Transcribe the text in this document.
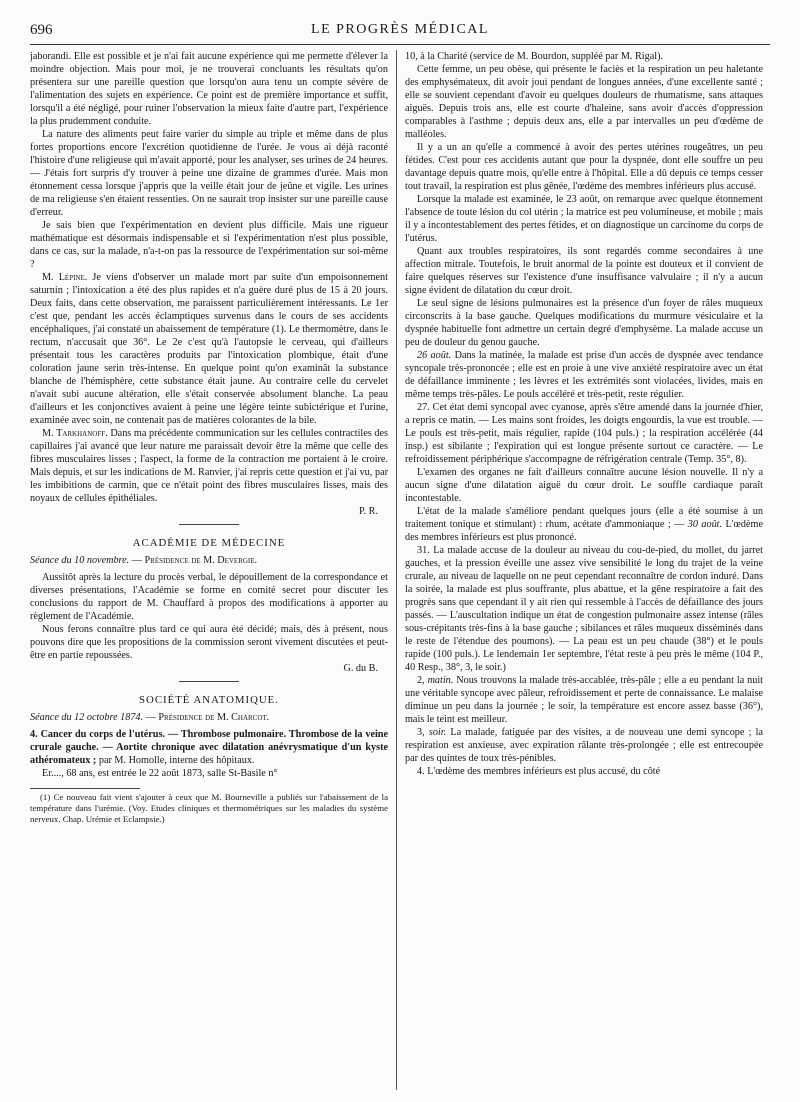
696	LE PROGRÈS MÉDICAL

jaborandi. Elle est possible et je n'ai fait aucune expérience qui me permette d'élever la moindre objection. Mais pour moi, je ne trouverai concluants les résultats qu'on présentera sur une pareille question que lorsqu'on aura tenu un compte sévère de l'alimentation des sujets en expérience. Ce point est de première importance et suffit, lorsqu'il a été négligé, pour ruiner l'observation la mieux faite d'autre part, l'expérience la plus prudemment conduite.

La nature des aliments peut faire varier du simple au triple et même dans de plus fortes proportions encore l'excrétion quotidienne de l'urée. Je vous ai déjà raconté l'histoire d'une religieuse qui m'avait apporté, pour les analyser, ses urines de 24 heures. — J'étais fort surpris d'y trouver à peine une dizaine de grammes d'urée. Mais mon étonnement cessa lorsque j'appris que la veille était jour de jeûne et vigile. Les urines de ma religieuse s'en étaient ressenties. On ne saurait trop insister sur une pareille cause d'erreur.

Je sais bien que l'expérimentation en devient plus difficile. Mais une rigueur mathématique est désormais indispensable et si l'expérimentation n'est plus possible, dans ce cas, sur la malade, n'a-t-on pas la ressource de l'expérimentation sur soi-même ?

M. Lépine. Je viens d'observer un malade mort par suite d'un empoisonnement saturnin ; l'intoxication a été des plus rapides et n'a guère duré plus de 15 à 20 jours. Deux faits, dans cette observation, me paraissent particulièrement intéressants. Le 1er c'est que, pendant les accès éclamptiques survenus dans le cours de ses accidents encéphaliques, j'ai constaté un abaissement de température (1). Le thermomètre, dans le rectum, n'accusait que 36°. Le 2e c'est qu'à l'autopsie le cerveau, qui d'ailleurs présentait tous les caractères produits par l'intoxication plombique, était d'une coloration jaune serin très-intense. En quelque point qu'on examinât la substance blanche de l'hémisphère, cette substance était jaune. Au contraire celle du cervelet n'avait subi aucune altération, elle s'était conservée absolument blanche. La peau d'ailleurs et les conjonctives avaient à peine une légère teinte subictérique et l'urine, examinée avec soin, ne contenait pas de matières colorantes de la bile.

M. Tarkhanoff. Dans ma précédente communication sur les cellules contractiles des capillaires j'ai avancé que leur nature me paraissait devoir être la même que celle des fibres musculaires lisses ; l'aspect, la forme de la contraction me portaient à le croire. Mais depuis, et sur les indications de M. Ranvier, j'ai repris cette question et j'ai vu, par les imbibitions de carmin, que ce n'était point des fibres musculaires lisses, mais des noyaux de cellules épithéliales.

P. R.

ACADÉMIE DE MÉDECINE

Séance du 10 novembre. — Présidence de M. Devergie.

Aussitôt après la lecture du procès verbal, le dépouillement de la correspondance et diverses présentations, l'Académie se forme en comité secret pour discuter les conclusions du rapport de M. Chauffard à propos des modifications à apporter au règlement de l'Académie.

Nous ferons connaître plus tard ce qui aura été décidé; mais, dès à présent, nous pouvons dire que les propositions de la commission seront vivement discutées et peut-être en partie repoussées.

G. du B.

SOCIÉTÉ ANATOMIQUE.

Séance du 12 octobre 1874. — Présidence de M. Charcot.

4. Cancer du corps de l'utérus. — Thrombose pulmonaire. Thrombose de la veine crurale gauche. — Aortite chronique avec dilatation anévrysmatique d'un kyste athéromateux ; par M. Homolle, interne des hôpitaux.

Er...., 68 ans, est entrée le 22 août 1873, salle St-Basile n°

(1) Ce nouveau fait vient s'ajouter à ceux que M. Bourneville a publiés sur l'abaissement de la température dans l'urémie. (Voy. Etudes cliniques et thermométriques sur les maladies du système nerveux. Chap. Urémie et Eclampsie.)

10, à la Charité (service de M. Bourdon, suppléé par M. Rigal).

Cette femme, un peu obèse, qui présente le faciès et la respiration un peu haletante des emphysémateux, dit avoir joui pendant de longues années, d'une excellente santé ; elle se souvient cependant d'avoir eu quelques douleurs de rhumatisme, sans attaques aiguës. Depuis trois ans, elle est courte d'haleine, sans avoir d'accès d'oppression comparables à l'asthme ; depuis deux ans, elle a par intervalles un peu d'œdème de malléoles.

Il y a un an qu'elle a commencé à avoir des pertes utérines rougeâtres, un peu fétides. C'est pour ces accidents autant que pour la dyspnée, dont elle souffre un peu davantage depuis quatre mois, qu'elle entre à l'hôpital. Elle a dû depuis ce temps cesser tout travail, la respiration est plus gênée, l'œdème des membres inférieurs plus accusé.

Lorsque la malade est examinée, le 23 août, on remarque avec quelque étonnement l'absence de toute lésion du col utérin ; la matrice est peu volumineuse, et mobile ; mais il y a incontestablement des pertes fétides, et on diagnostique un carcinome du corps de l'utérus.

Quant aux troubles respiratoires, ils sont regardés comme secondaires à une affection mitrale. Toutefois, le bruit anormal de la pointe est douteux et il convient de faire quelques réserves sur l'existence d'une insuffisance valvulaire ; il n'y a aucun signe évident de dilatation du cœur droit.

Le seul signe de lésions pulmonaires est la présence d'un foyer de râles muqueux circonscrits à la base gauche. Quelques modifications du murmure vésiculaire et la dyspnée habituelle font admettre un certain degré d'emphysème. La malade accuse un peu de douleur du genou gauche.

26 août. Dans la matinée, la malade est prise d'un accès de dyspnée avec tendance syncopale très-prononcée ; elle est en proie à une vive anxiété respiratoire avec un état de défaillance imminente ; les lèvres et les extrémités sont violacées, livides, mais en même temps très-pâles. Le pouls accéléré et très-petit, reste régulier.

27. Cet état demi syncopal avec cyanose, après s'être amendé dans la journée d'hier, a repris ce matin. — Les mains sont froides, les doigts engourdis, la vue est trouble. — Le pouls est très-petit, mais régulier, rapide (104 puls.) ; la respiration accélérée (44 insp.) est sibilante ; l'expiration qui est longue présente surtout ce caractère. — Le refroidissement périphérique s'accompagne de réfrigération centrale (Temp. 35°, 8).

L'examen des organes ne fait d'ailleurs connaître aucune lésion nouvelle. Il n'y a aucun signe d'une dilatation aiguë du cœur droit. Le souffle cardiaque paraît incontestable.

L'état de la malade s'améliore pendant quelques jours (elle a été soumise à un traitement tonique et stimulant) : rhum, acétate d'ammoniaque ; — 30 août. L'œdème des membres inférieurs est plus prononcé.

31. La malade accuse de la douleur au niveau du cou-de-pied, du mollet, du jarret gauches, et la pression éveille une assez vive sensibilité le long du trajet de la veine crurale, au niveau de laquelle on ne peut cependant reconnaître de cordon induré. Dans la soirée, la malade est plus souffrante, plus abattue, et la gêne respiratoire a fait des progrès sans que cependant il y ait rien qui ressemble à l'accès de défaillance des jours passés. — L'auscultation indique un état de congestion pulmonaire assez intense (râles sous-crépitants très-fins à la base gauche ; sibilances et râles muqueux disséminés dans le reste de l'étendue des poumons). — La peau est un peu chaude (38°) et le pouls rapide (100 puls.). Le lendemain 1er septembre, l'état reste à peu près le même (104 P., 40 Resp., 38°, 3, le soir.)

2, matin. Nous trouvons la malade très-accablée, très-pâle ; elle a eu pendant la nuit une véritable syncope avec pâleur, refroidissement et perte de connaissance. Le malaise diminue un peu dans la journée ; le soir, la température est encore assez basse (36°), mais le teint est meilleur.

3, soir. La malade, fatiguée par des visites, a de nouveau une demi syncope ; la respiration est anxieuse, avec expiration râlante très-prolongée ; elle est entrecoupée par des quintes de toux très-pénibles.

4. L'œdème des membres inférieurs est plus accusé, du côté
